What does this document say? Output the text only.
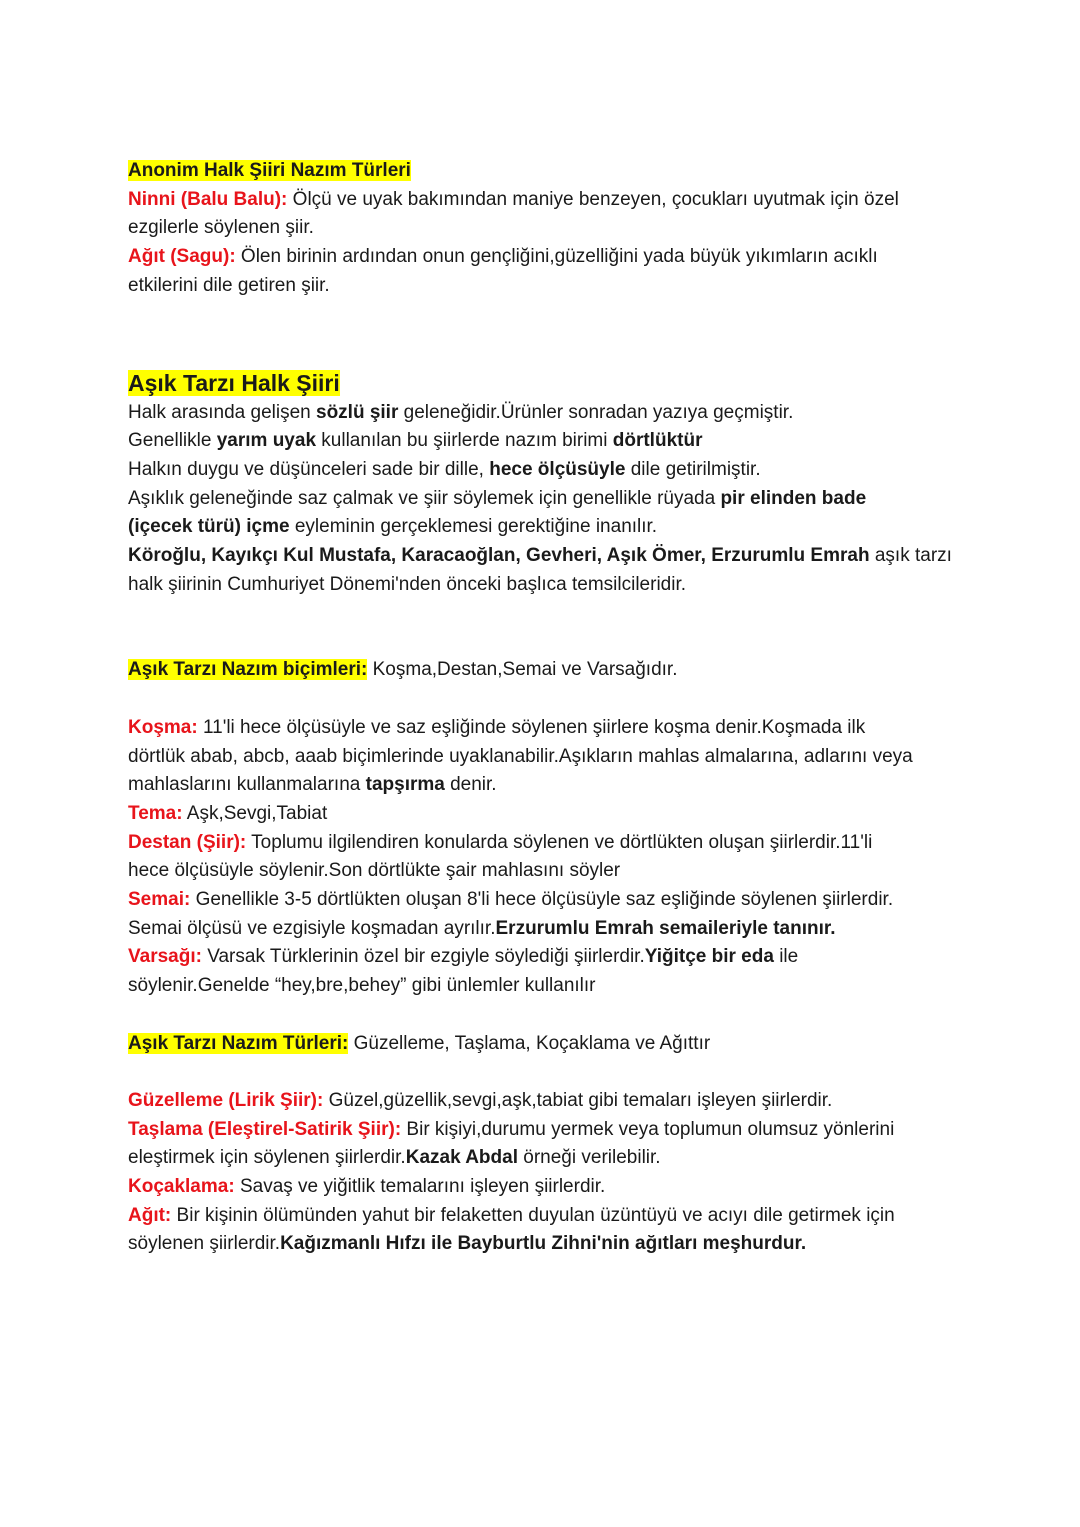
Anonim Halk Şiiri Nazım Türleri
Ninni (Balu Balu): Ölçü ve uyak bakımından maniye benzeyen, çocukları uyutmak için özel
ezgilerle söylenen şiir.
Ağıt (Sagu): Ölen birinin ardından onun gençliğini,güzelliğini yada büyük yıkımların acıklı
etkilerini dile getiren şiir.
Aşık Tarzı Halk Şiiri
Halk arasında gelişen sözlü şiir geleneğidir.Ürünler sonradan yazıya geçmiştir.
Genellikle yarım uyak kullanılan bu şiirlerde nazım birimi dörtlüktür
Halkın duygu ve düşünceleri sade bir dille, hece ölçüsüyle dile getirilmiştir.
Aşıklık geleneğinde saz çalmak ve şiir söylemek için genellikle rüyada pir elinden bade
(içecek türü) içme eyleminin gerçeklemesi gerektiğine inanılır.
Köroğlu, Kayıkçı Kul Mustafa, Karacaoğlan, Gevheri, Aşık Ömer, Erzurumlu Emrah aşık tarzı
halk şiirinin Cumhuriyet Dönemi'nden önceki başlıca temsilcileridir.
Aşık Tarzı Nazım biçimleri: Koşma,Destan,Semai ve Varsağıdır.
Koşma: 11'li hece ölçüsüyle ve saz eşliğinde söylenen şiirlere koşma denir.Koşmada ilk
dörtlük abab, abcb, aaab biçimlerinde uyaklanabilir.Aşıkların mahlas almalarına, adlarını veya
mahlaslarını kullanmalarına tapşırma denir.
Tema: Aşk,Sevgi,Tabiat
Destan (Şiir): Toplumu ilgilendiren konularda söylenen ve dörtlükten oluşan şiirlerdir.11'li
hece ölçüsüyle söylenir.Son dörtlükte şair mahlasını söyler
Semai: Genellikle 3-5 dörtlükten oluşan 8'li hece ölçüsüyle saz eşliğinde söylenen şiirlerdir.
Semai ölçüsü ve ezgisiyle koşmadan ayrılır.Erzurumlu Emrah semaileriyle tanınır.
Varsağı: Varsak Türklerinin özel bir ezgiyle söylediği şiirlerdir.Yiğitçe bir eda ile
söylenir.Genelde “hey,bre,behey” gibi ünlemler kullanılır
Aşık Tarzı Nazım Türleri: Güzelleme, Taşlama, Koçaklama ve Ağıttır
Güzelleme (Lirik Şiir): Güzel,güzellik,sevgi,aşk,tabiat gibi temaları işleyen şiirlerdir.
Taşlama (Eleştirel-Satirik Şiir): Bir kişiyi,durumu yermek veya toplumun olumsuz yönlerini
eleştirmek için söylenen şiirlerdir.Kazak Abdal örneği verilebilir.
Koçaklama: Savaş ve yiğitlik temalarını işleyen şiirlerdir.
Ağıt: Bir kişinin ölümünden yahut bir felaketten duyulan üzüntüyü ve acıyı dile getirmek için
söylenen şiirlerdir.Kağızmanlı Hıfzı ile Bayburtlu Zihni'nin ağıtları meşhurdur.
